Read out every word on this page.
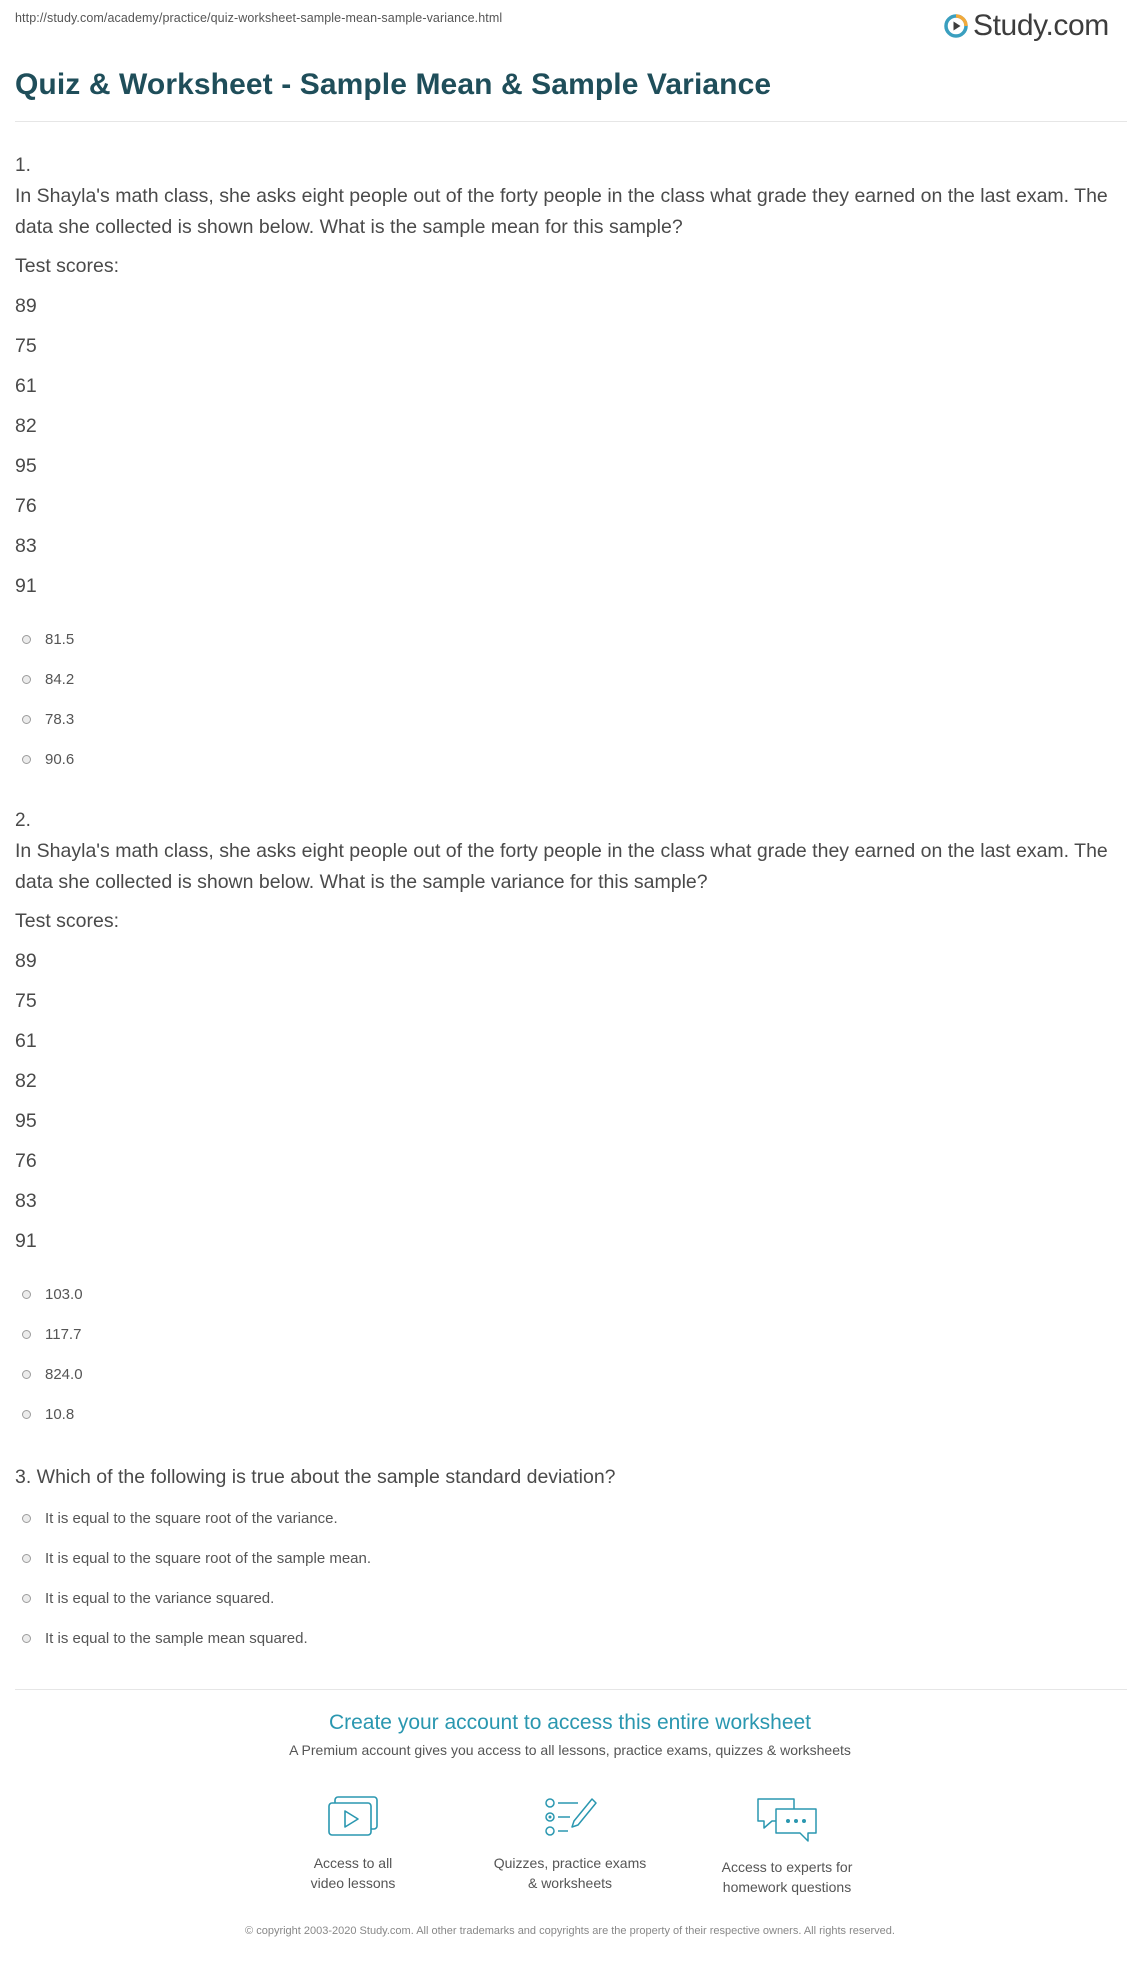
http://study.com/academy/practice/quiz-worksheet-sample-mean-sample-variance.html	Study.com
Quiz & Worksheet - Sample Mean & Sample Variance
1.

In Shayla's math class, she asks eight people out of the forty people in the class what grade they earned on the last exam. The data she collected is shown below. What is the sample mean for this sample?

Test scores:
89
75
61
82
95
76
83
91
81.5
84.2
78.3
90.6
2.

In Shayla's math class, she asks eight people out of the forty people in the class what grade they earned on the last exam. The data she collected is shown below. What is the sample variance for this sample?

Test scores:
89
75
61
82
95
76
83
91
103.0
117.7
824.0
10.8

3. Which of the following is true about the sample standard deviation?

It is equal to the square root of the variance.
It is equal to the square root of the sample mean.
It is equal to the variance squared.
It is equal to the sample mean squared.
Create your account to access this entire worksheet
A Premium account gives you access to all lessons, practice exams, quizzes & worksheets
Access to all
video lessons
Quizzes, practice exams
& worksheets
Access to experts for
homework questions
© copyright 2003-2020 Study.com. All other trademarks and copyrights are the property of their respective owners. All rights reserved.
